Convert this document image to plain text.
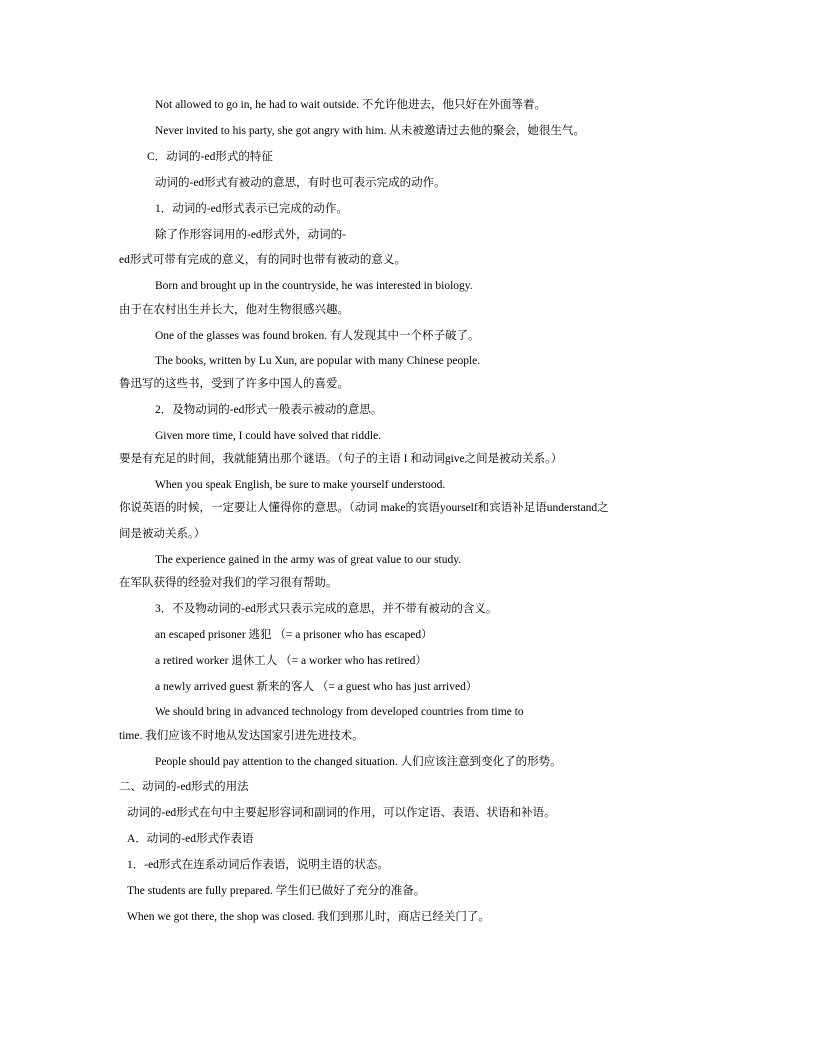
Not allowed to go in, he had to wait outside. 不允许他进去，他只好在外面等着。
Never invited to his party, she got angry with him. 从未被邀请过去他的聚会，她很生气。
C．动词的-ed形式的特征
动词的-ed形式有被动的意思，有时也可表示完成的动作。
1．动词的-ed形式表示已完成的动作。
除了作形容词用的-ed形式外，动词的-
ed形式可带有完成的意义，有的同时也带有被动的意义。
Born and brought up in the countryside, he was interested in biology.
由于在农村出生并长大，他对生物很感兴趣。
One of the glasses was found broken. 有人发现其中一个杯子破了。
The books, written by Lu Xun, are popular with many Chinese people.
鲁迅写的这些书，受到了许多中国人的喜爱。
2．及物动词的-ed形式一般表示被动的意思。
Given more time, I could have solved that riddle.
要是有充足的时间，我就能猜出那个谜语。（句子的主语 I 和动词give之间是被动关系。）
When you speak English, be sure to make yourself understood.
你说英语的时候，一定要让人懂得你的意思。（动词 make的宾语yourself和宾语补足语understand之
间是被动关系。）
The experience gained in the army was of great value to our study.
在军队获得的经验对我们的学习很有帮助。
3．不及物动词的-ed形式只表示完成的意思，并不带有被动的含义。
an escaped prisoner 逃犯 （= a prisoner who has escaped）
a retired worker 退休工人 （= a worker who has retired）
a newly arrived guest 新来的客人 （= a guest who has just arrived）
We should bring in advanced technology from developed countries from time to
time. 我们应该不时地从发达国家引进先进技术。
People should pay attention to the changed situation. 人们应该注意到变化了的形势。
二、动词的-ed形式的用法
动词的-ed形式在句中主要起形容词和副词的作用，可以作定语、表语、状语和补语。
A．动词的-ed形式作表语
1．-ed形式在连系动词后作表语，说明主语的状态。
The students are fully prepared. 学生们已做好了充分的准备。
When we got there, the shop was closed. 我们到那儿时，商店已经关门了。
